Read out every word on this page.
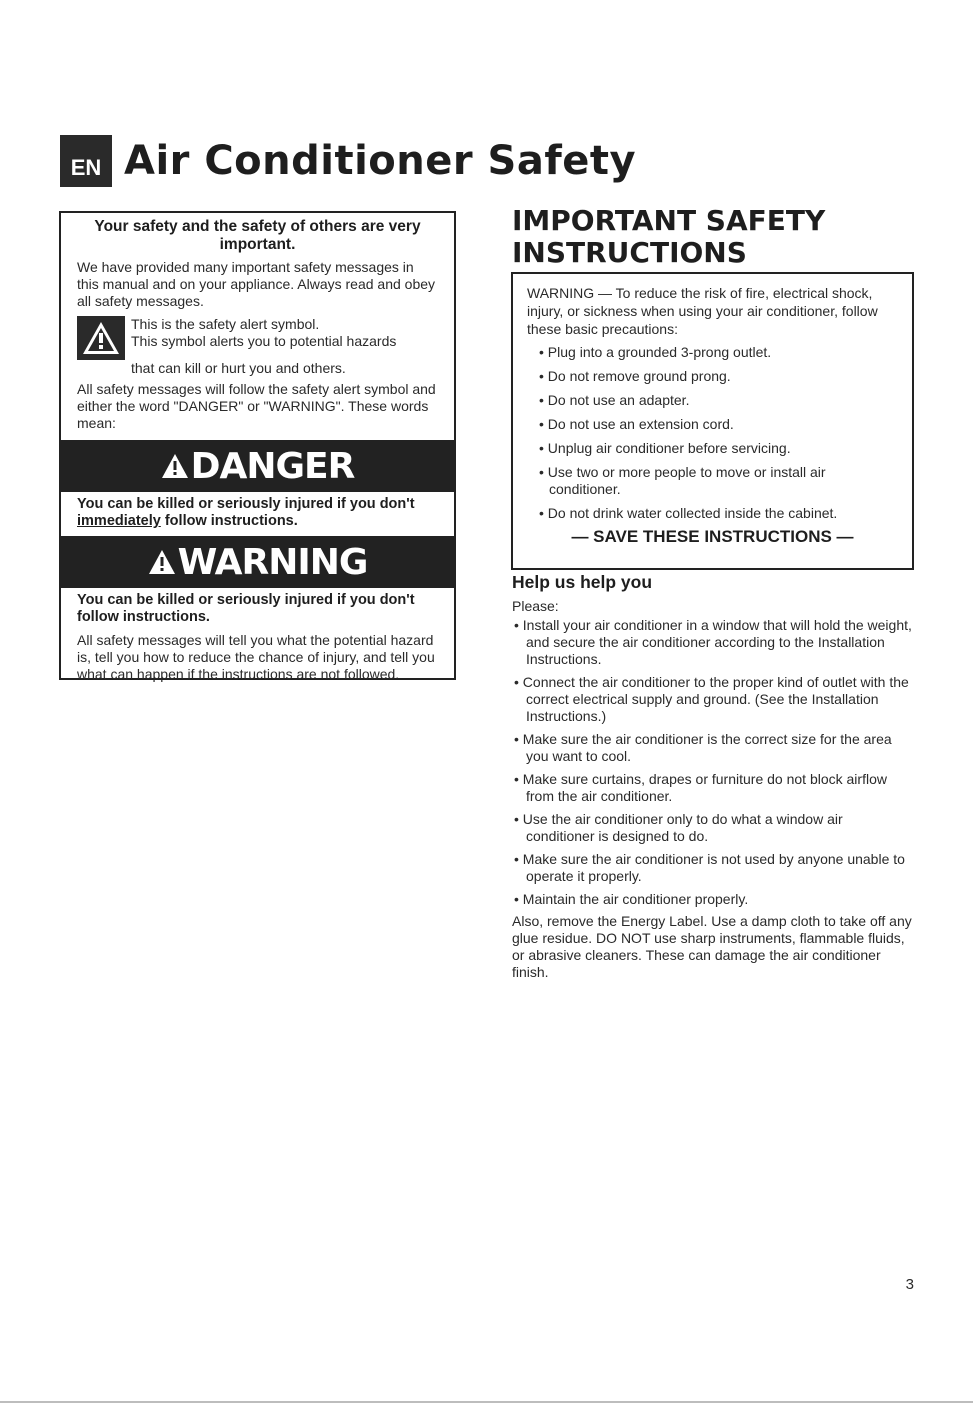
EN Air Conditioner Safety
Your safety and the safety of others are very important.
We have provided many important safety messages in this manual and on your appliance. Always read and obey all safety messages.
This is the safety alert symbol.
This symbol alerts you to potential hazards
that can kill or hurt you and others.
All safety messages will follow the safety alert symbol and either the word "DANGER" or "WARNING". These words mean:
DANGER
You can be killed or seriously injured if you don't immediately follow instructions.
WARNING
You can be killed or seriously injured if you don't follow instructions.
All safety messages will tell you what the potential hazard is, tell you how to reduce the chance of injury, and tell you what can happen if the instructions are not followed.
IMPORTANT SAFETY INSTRUCTIONS
WARNING — To reduce the risk of fire, electrical shock, injury, or sickness when using your air conditioner, follow these basic precautions:
• Plug into a grounded 3-prong outlet.
• Do not remove ground prong.
• Do not use an adapter.
• Do not use an extension cord.
• Unplug air conditioner before servicing.
• Use two or more people to move or install air conditioner.
• Do not drink water collected inside the cabinet.
— SAVE THESE INSTRUCTIONS —
Help us help you
Please:
• Install your air conditioner in a window that will hold the weight, and secure the air conditioner according to the Installation Instructions.
• Connect the air conditioner to the proper kind of outlet with the correct electrical supply and ground. (See the Installation Instructions.)
• Make sure the air conditioner is the correct size for the area you want to cool.
• Make sure curtains, drapes or furniture do not block airflow from the air conditioner.
• Use the air conditioner only to do what a window air conditioner is designed to do.
• Make sure the air conditioner is not used by anyone unable to operate it properly.
• Maintain the air conditioner properly.
Also, remove the Energy Label. Use a damp cloth to take off any glue residue. DO NOT use sharp instruments, flammable fluids, or abrasive cleaners. These can damage the air conditioner finish.
3
